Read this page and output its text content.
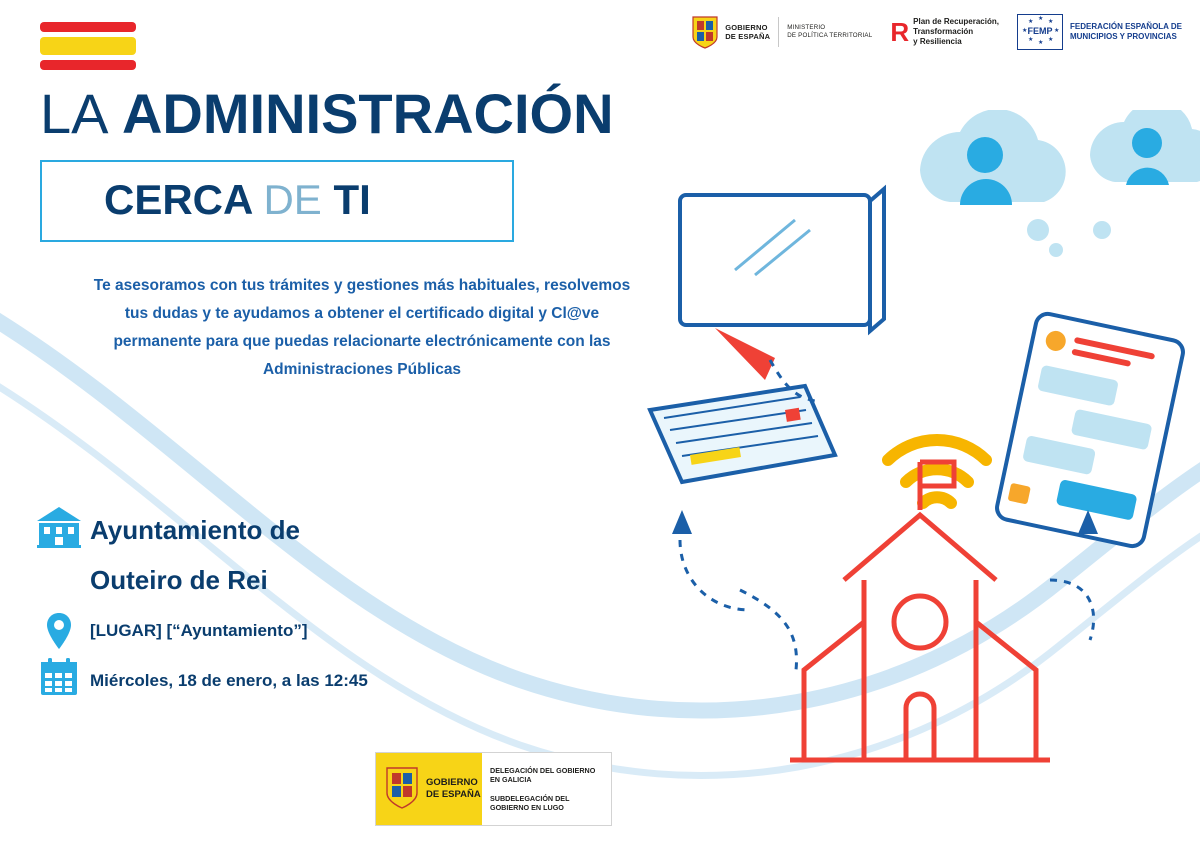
GOBIERNO
DE ESPAÑA
MINISTERIO
DE POLÍTICA TERRITORIAL R Plan de Recuperación,
Transformación
y Resiliencia
★
★ ★
★	★
★ ★
★
FEMP	FEDERACIÓN ESPAÑOLA DE
MUNICIPIOS Y PROVINCIAS
LA ADMINISTRACIÓN
CERCA DE TI
Te asesoramos con tus trámites y gestiones más habituales, resolvemos tus dudas y te ayudamos a obtener el certificado digital y Cl@ve permanente para que puedas relacionarte electrónicamente con las Administraciones Públicas
Ayuntamiento de
Outeiro de Rei
[LUGAR] [“Ayuntamiento”]
Miércoles, 18 de enero, a las 12:45
GOBIERNO
DE ESPAÑA
DELEGACIÓN DEL GOBIERNO EN GALICIA
SUBDELEGACIÓN DEL GOBIERNO EN LUGO
